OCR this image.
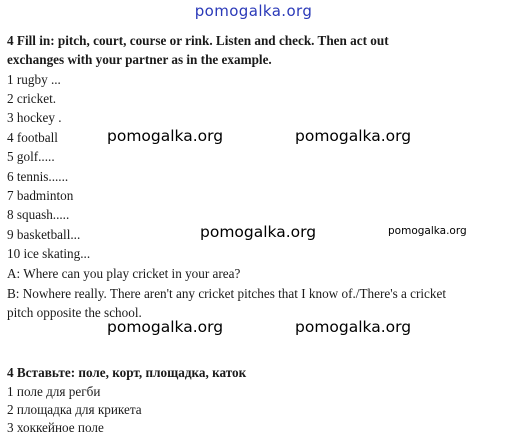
pomogalka.org
4 Fill in: pitch, court, course or rink. Listen and check. Then act out
exchanges with your partner as in the example.
1 rugby ...
2 cricket.
3 hockey .
4 football
5 golf.....
6 tennis......
7 badminton
8 squash.....
9 basketball...
10 ice skating...
A: Where can you play cricket in your area?
B: Nowhere really. There aren't any cricket pitches that I know of./There's a cricket
pitch opposite the school.
4 Вставьте: поле, корт, площадка, каток
1 поле для регби
2 площадка для крикета
3 хоккейное поле
pomogalka.org	pomogalka.org
pomogalka.org	pomogalka.org
pomogalka.org	pomogalka.org
